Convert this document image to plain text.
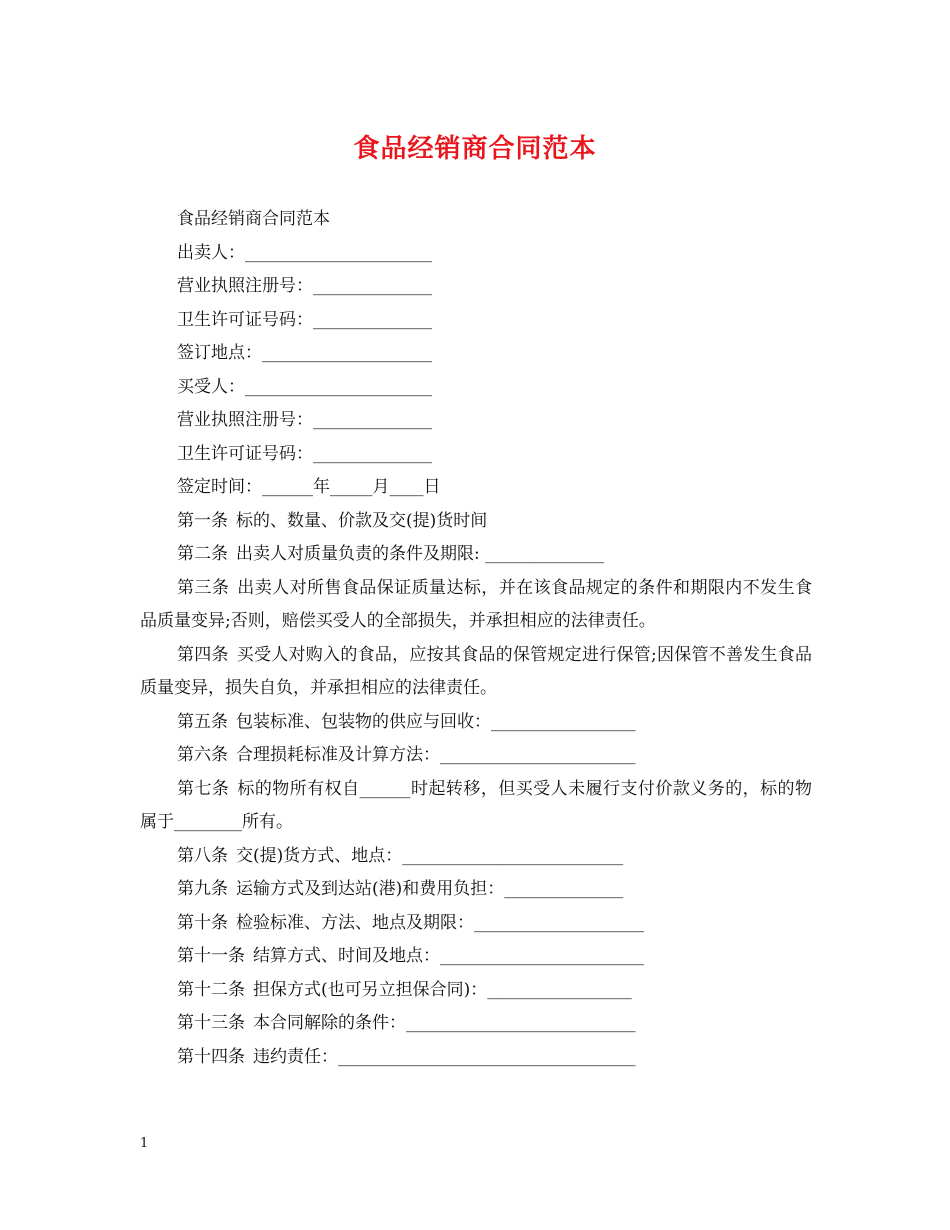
食品经销商合同范本
食品经销商合同范本
出卖人：______________________
营业执照注册号：______________
卫生许可证号码：______________
签订地点：____________________
买受人：______________________
营业执照注册号：______________
卫生许可证号码：______________
签定时间：______年_____月____日
第一条 标的、数量、价款及交(提)货时间
第二条 出卖人对质量负责的条件及期限: ______________
第三条 出卖人对所售食品保证质量达标，并在该食品规定的条件和期限内不发生食品质量变异;否则，赔偿买受人的全部损失，并承担相应的法律责任。
第四条 买受人对购入的食品，应按其食品的保管规定进行保管;因保管不善发生食品质量变异，损失自负，并承担相应的法律责任。
第五条 包装标准、包装物的供应与回收：_________________
第六条 合理损耗标准及计算方法：_______________________
第七条 标的物所有权自______时起转移，但买受人未履行支付价款义务的，标的物属于________所有。
第八条 交(提)货方式、地点：__________________________
第九条 运输方式及到达站(港)和费用负担：______________
第十条 检验标准、方法、地点及期限：____________________
第十一条 结算方式、时间及地点：________________________
第十二条 担保方式(也可另立担保合同)：_________________
第十三条 本合同解除的条件：___________________________
第十四条 违约责任：___________________________________
1
